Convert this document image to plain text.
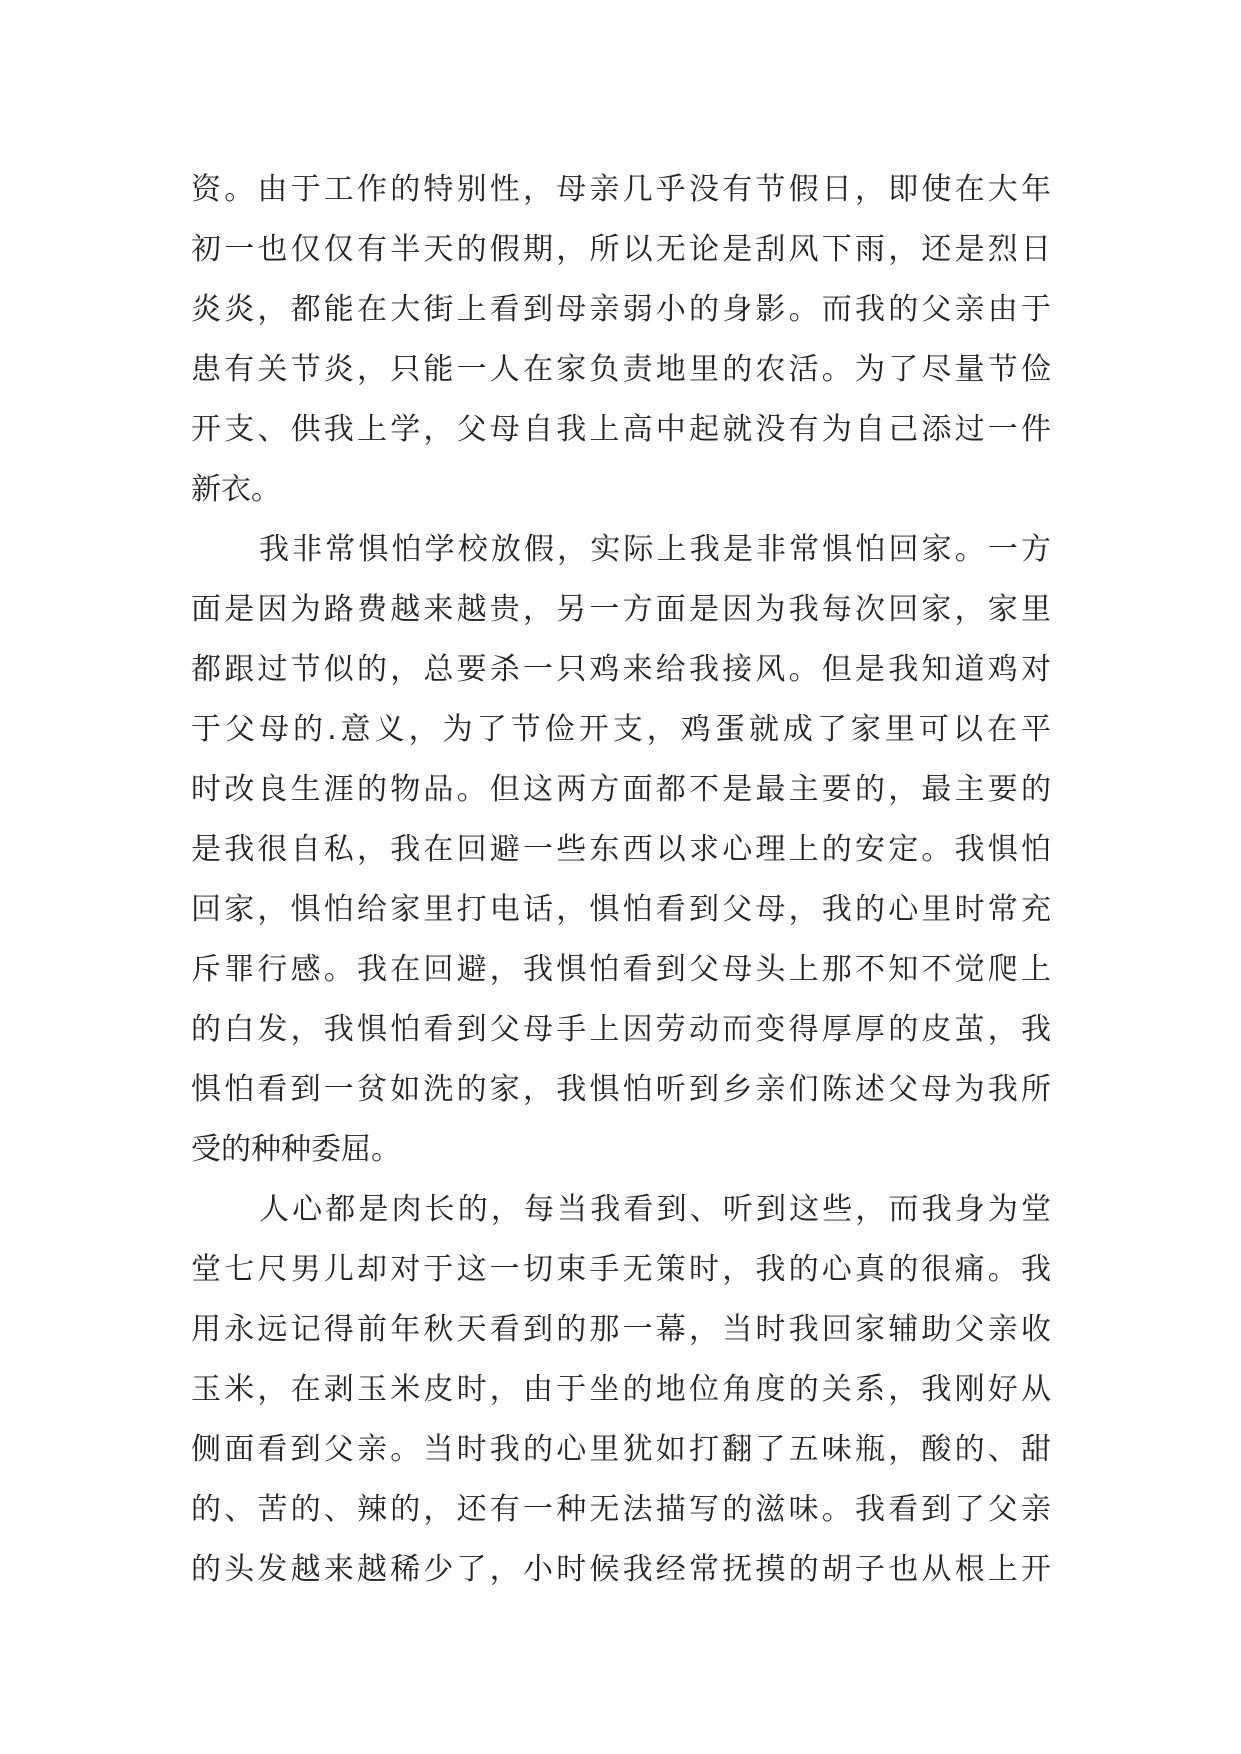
资。由于工作的特别性，母亲几乎没有节假日，即使在大年
初一也仅仅有半天的假期，所以无论是刮风下雨，还是烈日
炎炎，都能在大街上看到母亲弱小的身影。而我的父亲由于
患有关节炎，只能一人在家负责地里的农活。为了尽量节俭
开支、供我上学，父母自我上高中起就没有为自己添过一件
新衣。
我非常惧怕学校放假，实际上我是非常惧怕回家。一方
面是因为路费越来越贵，另一方面是因为我每次回家，家里
都跟过节似的，总要杀一只鸡来给我接风。但是我知道鸡对
于父母的.意义，为了节俭开支，鸡蛋就成了家里可以在平
时改良生涯的物品。但这两方面都不是最主要的，最主要的
是我很自私，我在回避一些东西以求心理上的安定。我惧怕
回家，惧怕给家里打电话，惧怕看到父母，我的心里时常充
斥罪行感。我在回避，我惧怕看到父母头上那不知不觉爬上
的白发，我惧怕看到父母手上因劳动而变得厚厚的皮茧，我
惧怕看到一贫如洗的家，我惧怕听到乡亲们陈述父母为我所
受的种种委屈。
人心都是肉长的，每当我看到、听到这些，而我身为堂
堂七尺男儿却对于这一切束手无策时，我的心真的很痛。我
用永远记得前年秋天看到的那一幕，当时我回家辅助父亲收
玉米，在剥玉米皮时，由于坐的地位角度的关系，我刚好从
侧面看到父亲。当时我的心里犹如打翻了五味瓶，酸的、甜
的、苦的、辣的，还有一种无法描写的滋味。我看到了父亲
的头发越来越稀少了，小时候我经常抚摸的胡子也从根上开
